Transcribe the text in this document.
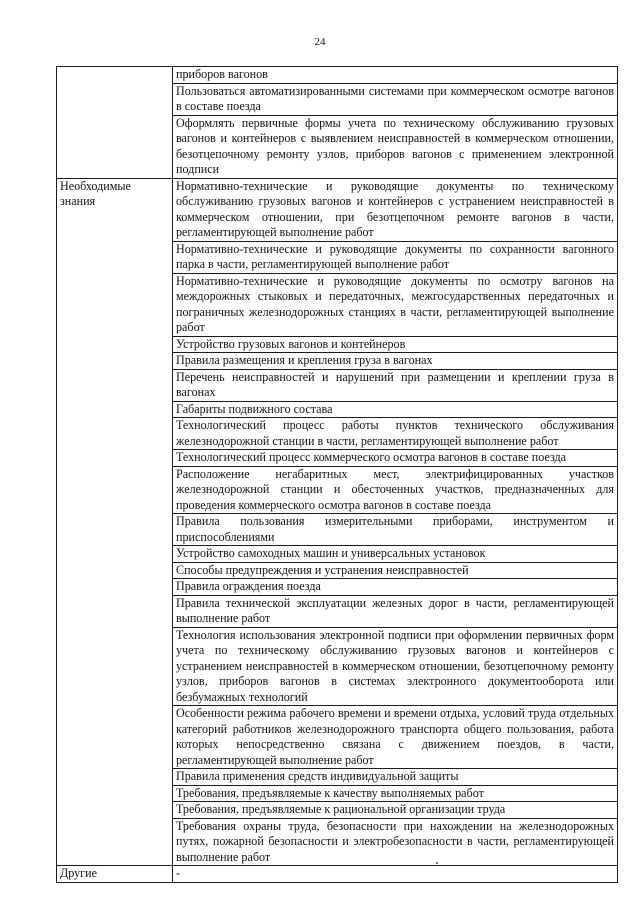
24
	приборов вагонов
	Пользоваться автоматизированными системами при коммерческом осмотре вагонов в составе поезда
	Оформлять первичные формы учета по техническому обслуживанию грузовых вагонов и контейнеров с выявлением неисправностей в коммерческом отношении, безотцепочному ремонту узлов, приборов вагонов с применением электронной подписи
Необходимые знания	Нормативно-технические и руководящие документы по техническому обслуживанию грузовых вагонов и контейнеров с устранением неисправностей в коммерческом отношении, при безотцепочном ремонте вагонов в части, регламентирующей выполнение работ
	Нормативно-технические и руководящие документы по сохранности вагонного парка в части, регламентирующей выполнение работ
	Нормативно-технические и руководящие документы по осмотру вагонов на междорожных стыковых и передаточных, межгосударственных передаточных и пограничных железнодорожных станциях в части, регламентирующей выполнение работ
	Устройство грузовых вагонов и контейнеров
	Правила размещения и крепления груза в вагонах
	Перечень неисправностей и нарушений при размещении и креплении груза в вагонах
	Габариты подвижного состава
	Технологический процесс работы пунктов технического обслуживания железнодорожной станции в части, регламентирующей выполнение работ
	Технологический процесс коммерческого осмотра вагонов в составе поезда
	Расположение негабаритных мест, электрифицированных участков железнодорожной станции и обесточенных участков, предназначенных для проведения коммерческого осмотра вагонов в составе поезда
	Правила пользования измерительными приборами, инструментом и приспособлениями
	Устройство самоходных машин и универсальных установок
	Способы предупреждения и устранения неисправностей
	Правила ограждения поезда
	Правила технической эксплуатации железных дорог в части, регламентирующей выполнение работ
	Технология использования электронной подписи при оформлении первичных форм учета по техническому обслуживанию грузовых вагонов и контейнеров с устранением неисправностей в коммерческом отношении, безотцепочному ремонту узлов, приборов вагонов в системах электронного документооборота или безбумажных технологий
	Особенности режима рабочего времени и времени отдыха, условий труда отдельных категорий работников железнодорожного транспорта общего пользования, работа которых непосредственно связана с движением поездов, в части, регламентирующей выполнение работ
	Правила применения средств индивидуальной защиты
	Требования, предъявляемые к качеству выполняемых работ
	Требования, предъявляемые к рациональной организации труда
	Требования охраны труда, безопасности при нахождении на железнодорожных путях, пожарной безопасности и электробезопасности в части, регламентирующей выполнение работ
Другие	-
